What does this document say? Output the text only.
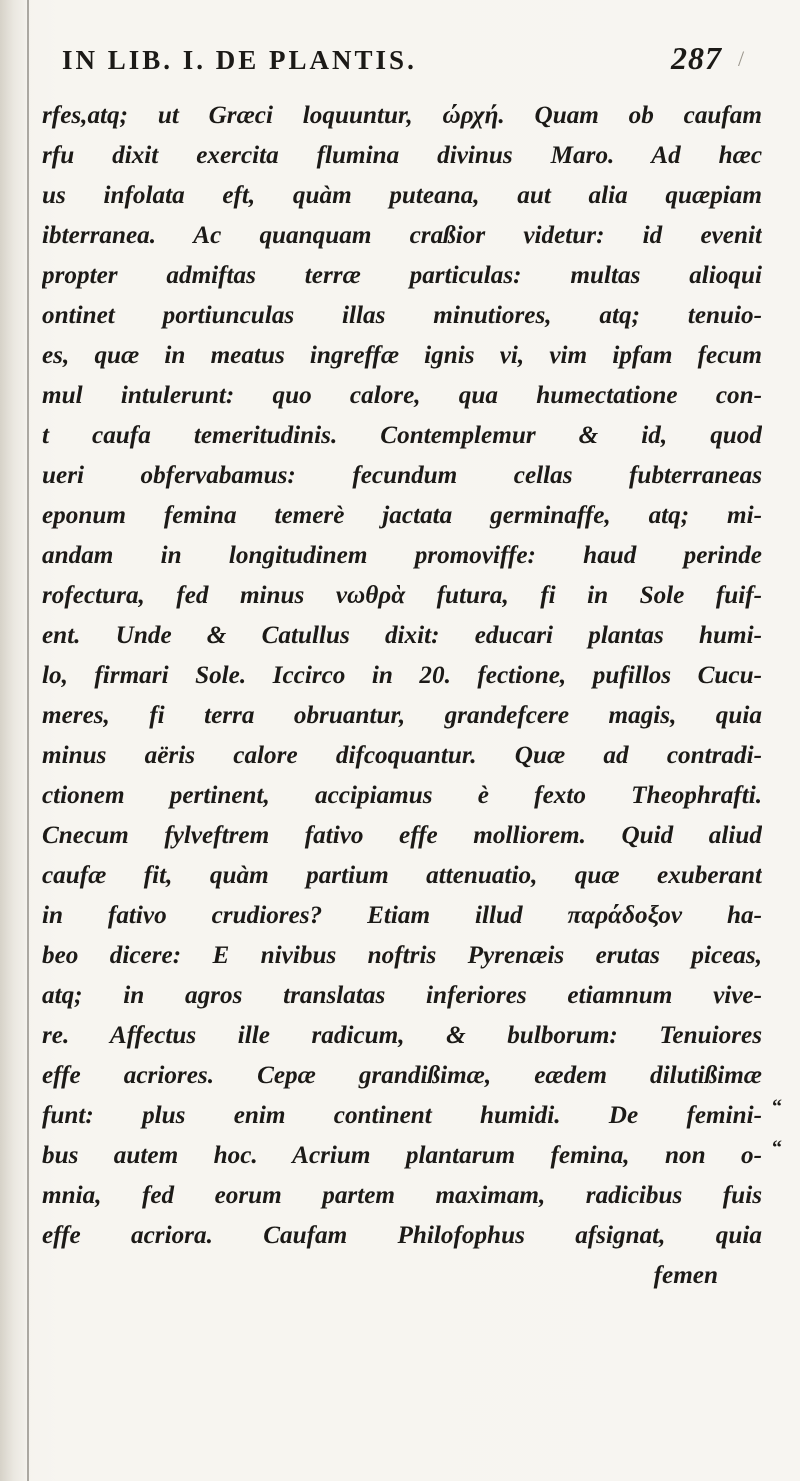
IN LIB. I. DE PLANTIS.	287 /
rfes,atq; ut Græci loquuntur, ώρχή. Quam ob caufam
rfu dixit exercita flumina divinus Maro. Ad hæc
us infolata eft, quàm puteana, aut alia quæpiam
ibterranea. Ac quanquam craßior videtur: id evenit
propter admiftas terræ particulas: multas alioqui
ontinet portiunculas illas minutiores, atq; tenuio-
es, quæ in meatus ingreffæ ignis vi, vim ipfam fecum
mul intulerunt: quo calore, qua humectatione con-
t caufa temeritudinis. Contemplemur & id, quod
ueri obfervabamus: fecundum cellas fubterraneas
eponum femina temerè jactata germinaffe, atq; mi-
andam in longitudinem promoviffe: haud perinde
rofectura, fed minus νωθρὰ futura, fi in Sole fuif-
ent. Unde & Catullus dixit: educari plantas humi-
lo, firmari Sole. Iccirco in 20. fectione, pufillos Cucu-
meres, fi terra obruantur, grandefcere magis, quia
minus aëris calore difcoquantur. Quæ ad contradi-
ctionem pertinent, accipiamus è fexto Theophrafti.
Cnecum fylveftrem fativo effe molliorem. Quid aliud
caufæ fit, quàm partium attenuatio, quæ exuberant
in fativo crudiores? Etiam illud παράδοξον ha-
beo dicere: E nivibus noftris Pyrenæis erutas piceas,
atq; in agros translatas inferiores etiamnum vive-
re. Affectus ille radicum, & bulborum: Tenuiores
effe acriores. Cepæ grandißimæ, eædem dilutißimæ
funt: plus enim continent humidi. De femini-
bus autem hoc. Acrium plantarum femina, non o-
mnia, fed eorum partem maximam, radicibus fuis
effe acriora. Caufam Philofophus afsignat, quia
femen
“
“
